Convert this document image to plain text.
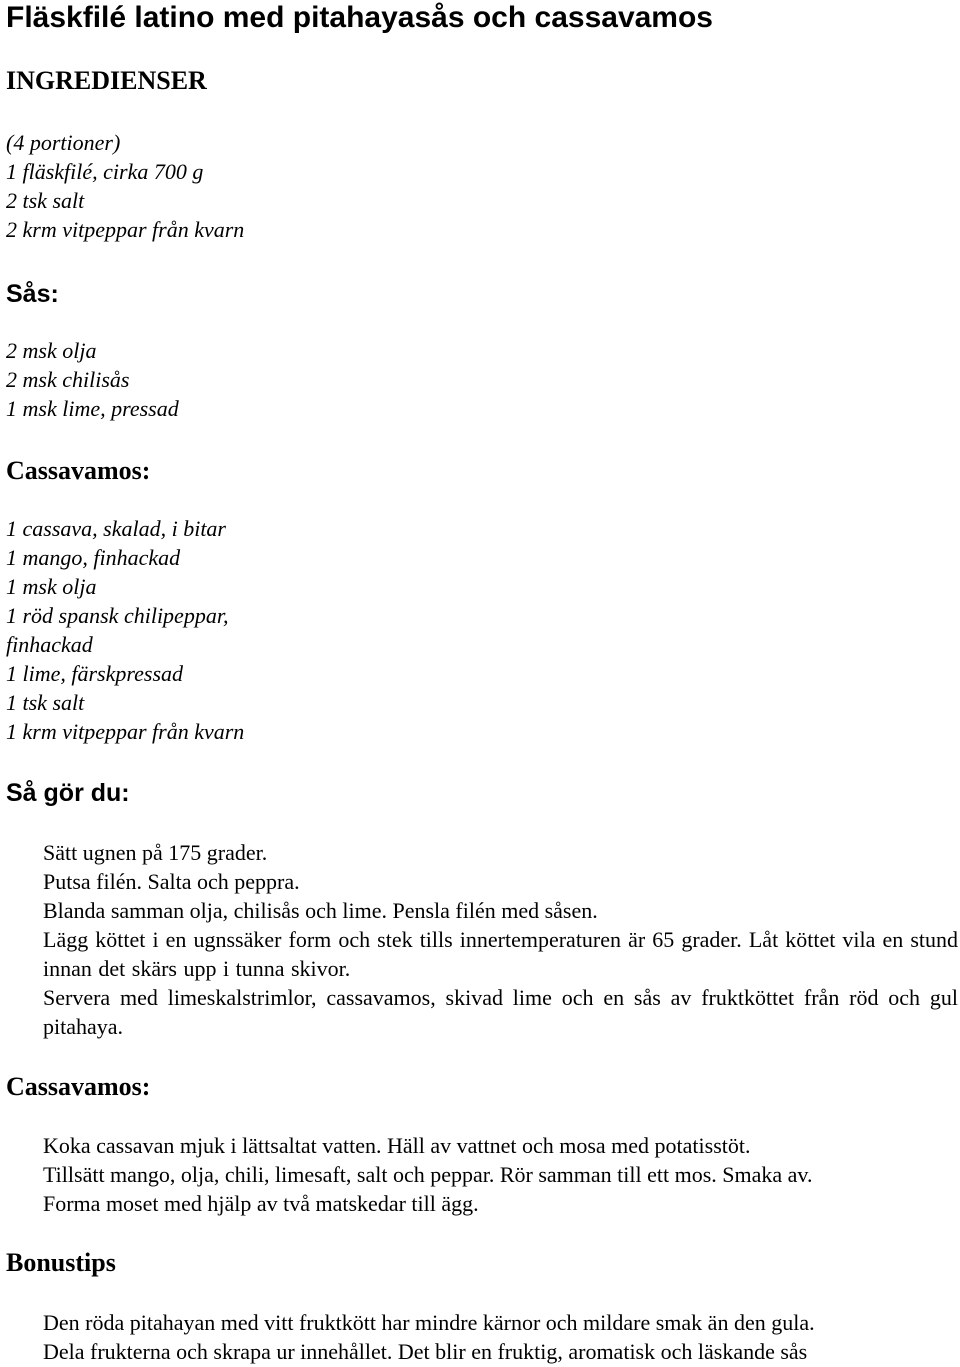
Fläskfilé latino med pitahayasås och cassavamos
INGREDIENSER
(4 portioner)
1 fläskfilé, cirka 700 g
2 tsk salt
2 krm vitpeppar från kvarn
Sås:
2 msk olja
2 msk chilisås
1 msk lime, pressad
Cassavamos:
1 cassava, skalad, i bitar
1 mango, finhackad
1 msk olja
1 röd spansk chilipeppar,
finhackad
1 lime, färskpressad
1 tsk salt
1 krm vitpeppar från kvarn
Så gör du:
Sätt ugnen på 175 grader.
Putsa filén. Salta och peppra.
Blanda samman olja, chilisås och lime. Pensla filén med såsen.
Lägg köttet i en ugnssäker form och stek tills innertemperaturen är 65 grader. Låt köttet vila en stund innan det skärs upp i tunna skivor.
Servera med limeskalstrimlor, cassavamos, skivad lime och en sås av fruktköttet från röd och gul pitahaya.
Cassavamos:
Koka cassavan mjuk i lättsaltat vatten. Häll av vattnet och mosa med potatisstöt.
Tillsätt mango, olja, chili, limesaft, salt och peppar. Rör samman till ett mos. Smaka av.
Forma moset med hjälp av två matskedar till ägg.
Bonustips
Den röda pitahayan med vitt fruktkött har mindre kärnor och mildare smak än den gula.
Dela frukterna och skrapa ur innehållet. Det blir en fruktig, aromatisk och läskande sås
